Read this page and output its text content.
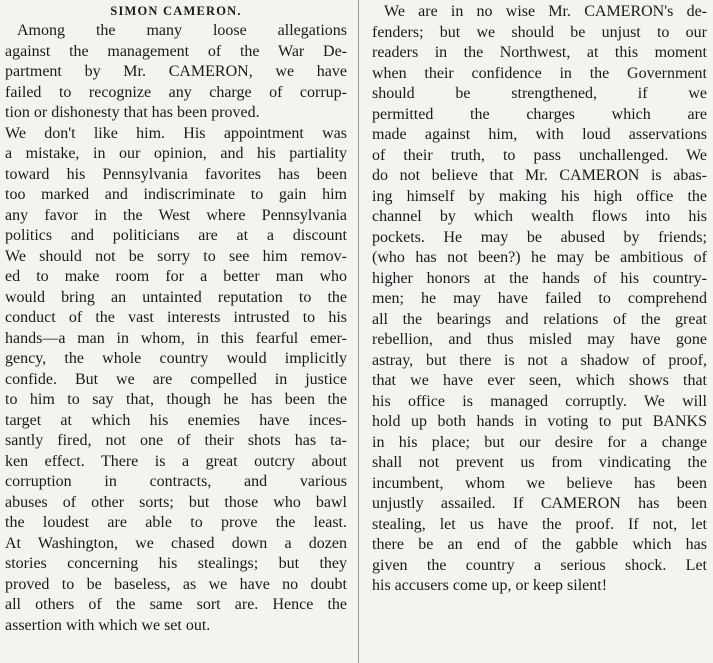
SIMON CAMERON.
Among the many loose allegations
against the management of the War De-
partment by Mr. CAMERON, we have
failed to recognize any charge of corrup-
tion or dishonesty that has been proved.
We don't like him. His appointment was
a mistake, in our opinion, and his partiality
toward his Pennsylvania favorites has been
too marked and indiscriminate to gain him
any favor in the West where Pennsylvania
politics and politicians are at a discount
We should not be sorry to see him remov-
ed to make room for a better man who
would bring an untainted reputation to the
conduct of the vast interests intrusted to his
hands—a man in whom, in this fearful emer-
gency, the whole country would implicitly
confide. But we are compelled in justice
to him to say that, though he has been the
target at which his enemies have inces-
santly fired, not one of their shots has ta-
ken effect. There is a great outcry about
corruption in contracts, and various
abuses of other sorts; but those who bawl
the loudest are able to prove the least.
At Washington, we chased down a dozen
stories concerning his stealings; but they
proved to be baseless, as we have no doubt
all others of the same sort are. Hence the
assertion with which we set out.
We are in no wise Mr. CAMERON's de-
fenders; but we should be unjust to our
readers in the Northwest, at this moment
when their confidence in the Government
should be strengthened, if we
permitted the charges which are
made against him, with loud asservations
of their truth, to pass unchallenged. We
do not believe that Mr. CAMERON is abas-
ing himself by making his high office the
channel by which wealth flows into his
pockets. He may be abused by friends;
(who has not been?) he may be ambitious of
higher honors at the hands of his country-
men; he may have failed to comprehend
all the bearings and relations of the great
rebellion, and thus misled may have gone
astray, but there is not a shadow of proof,
that we have ever seen, which shows that
his office is managed corruptly. We will
hold up both hands in voting to put BANKS
in his place; but our desire for a change
shall not prevent us from vindicating the
incumbent, whom we believe has been
unjustly assailed. If CAMERON has been
stealing, let us have the proof. If not, let
there be an end of the gabble which has
given the country a serious shock. Let
his accusers come up, or keep silent!
